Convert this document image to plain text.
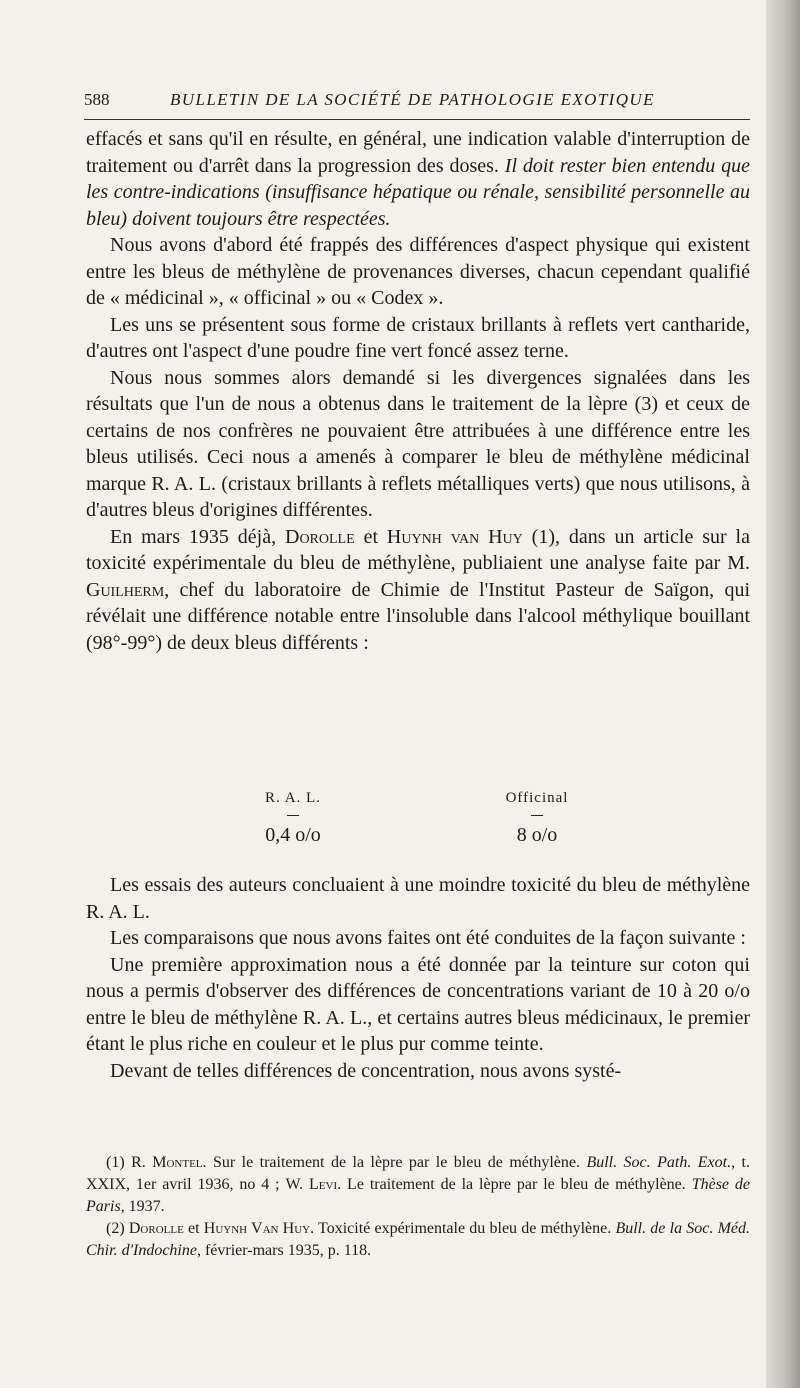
588	BULLETIN DE LA SOCIÉTÉ DE PATHOLOGIE EXOTIQUE

effacés et sans qu'il en résulte, en général, une indication valable d'interruption de traitement ou d'arrêt dans la progression des doses. Il doit rester bien entendu que les contre-indications (insuffisance hépatique ou rénale, sensibilité personnelle au bleu) doivent toujours être respectées.

Nous avons d'abord été frappés des différences d'aspect physique qui existent entre les bleus de méthylène de provenances diverses, chacun cependant qualifié de « médicinal », « officinal » ou « Codex ».

Les uns se présentent sous forme de cristaux brillants à reflets vert cantharide, d'autres ont l'aspect d'une poudre fine vert foncé assez terne.

Nous nous sommes alors demandé si les divergences signalées dans les résultats que l'un de nous a obtenus dans le traitement de la lèpre (3) et ceux de certains de nos confrères ne pouvaient être attribuées à une différence entre les bleus utilisés. Ceci nous a amenés à comparer le bleu de méthylène médicinal marque R. A. L. (cristaux brillants à reflets métalliques verts) que nous utilisons, à d'autres bleus d'origines différentes.

En mars 1935 déjà, Dorolle et Huynh van Huy (1), dans un article sur la toxicité expérimentale du bleu de méthylène, publiaient une analyse faite par M. Guilherm, chef du laboratoire de Chimie de l'Institut Pasteur de Saïgon, qui révélait une différence notable entre l'insoluble dans l'alcool méthylique bouillant (98°-99°) de deux bleus différents :

R. A. L.
0,4 o/o
Officinal
8 o/o

Les essais des auteurs concluaient à une moindre toxicité du bleu de méthylène R. A. L.

Les comparaisons que nous avons faites ont été conduites de la façon suivante :

Une première approximation nous a été donnée par la teinture sur coton qui nous a permis d'observer des différences de concentrations variant de 10 à 20 o/o entre le bleu de méthylène R. A. L., et certains autres bleus médicinaux, le premier étant le plus riche en couleur et le plus pur comme teinte.

Devant de telles différences de concentration, nous avons systé-

(1) R. Montel. Sur le traitement de la lèpre par le bleu de méthylène. Bull. Soc. Path. Exot., t. XXIX, 1er avril 1936, no 4 ; W. Levi. Le traitement de la lèpre par le bleu de méthylène. Thèse de Paris, 1937.

(2) Dorolle et Huynh Van Huy. Toxicité expérimentale du bleu de méthylène. Bull. de la Soc. Méd. Chir. d'Indochine, février-mars 1935, p. 118.
